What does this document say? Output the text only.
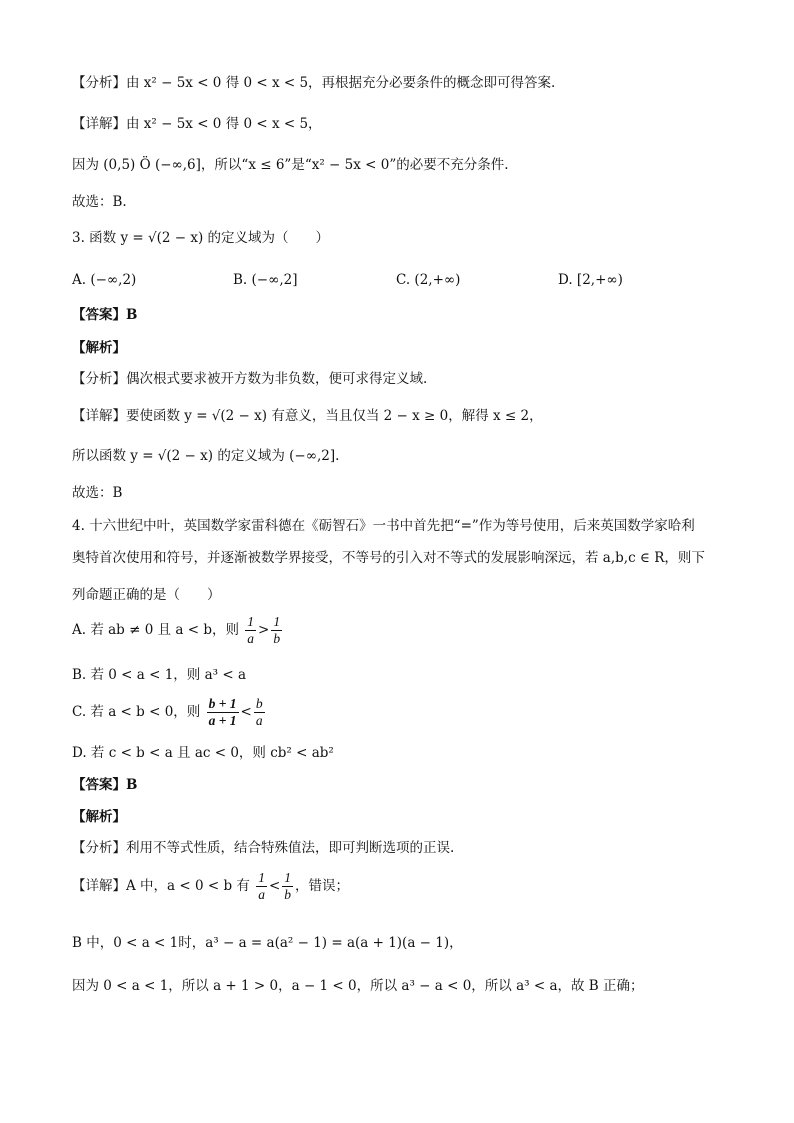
【分析】由 x² − 5x < 0 得 0 < x < 5，再根据充分必要条件的概念即可得答案.
【详解】由 x² − 5x < 0 得 0 < x < 5，
因为 (0,5) Ö (−∞,6]，所以“x ≤ 6”是“x² − 5x < 0”的必要不充分条件.
故选：B.
3. 函数 y = √(2 − x) 的定义域为（　　）
A. (−∞,2)	B. (−∞,2]	C. (2,+∞)	D. [2,+∞)
【答案】B
【解析】
【分析】偶次根式要求被开方数为非负数，便可求得定义域.
【详解】要使函数 y = √(2 − x) 有意义，当且仅当 2 − x ≥ 0，解得 x ≤ 2，
所以函数 y = √(2 − x) 的定义域为 (−∞,2].
故选：B
4. 十六世纪中叶，英国数学家雷科德在《砺智石》一书中首先把“=”作为等号使用，后来英国数学家哈利
奥特首次使用和符号，并逐渐被数学界接受，不等号的引入对不等式的发展影响深远，若 a,b,c ∈ R，则下
列命题正确的是（　　）
A. 若 ab ≠ 0 且 a < b，则 $\frac{1}{a} > \frac{1}{b}$
B. 若 0 < a < 1，则 a³ < a
C. 若 a < b < 0，则 $\frac{b + 1}{a + 1} < \frac{b}{a}$
D. 若 c < b < a 且 ac < 0，则 cb² < ab²
【答案】B
【解析】
【分析】利用不等式性质，结合特殊值法，即可判断选项的正误.
【详解】A 中，a < 0 < b 有 $\frac{1}{a} < \frac{1}{b}$ ，错误；
B 中，0 < a < 1时，a³ − a = a(a² − 1) = a(a + 1)(a − 1)，
因为 0 < a < 1，所以 a + 1 > 0，a − 1 < 0，所以 a³ − a < 0，所以 a³ < a，故 B 正确；
